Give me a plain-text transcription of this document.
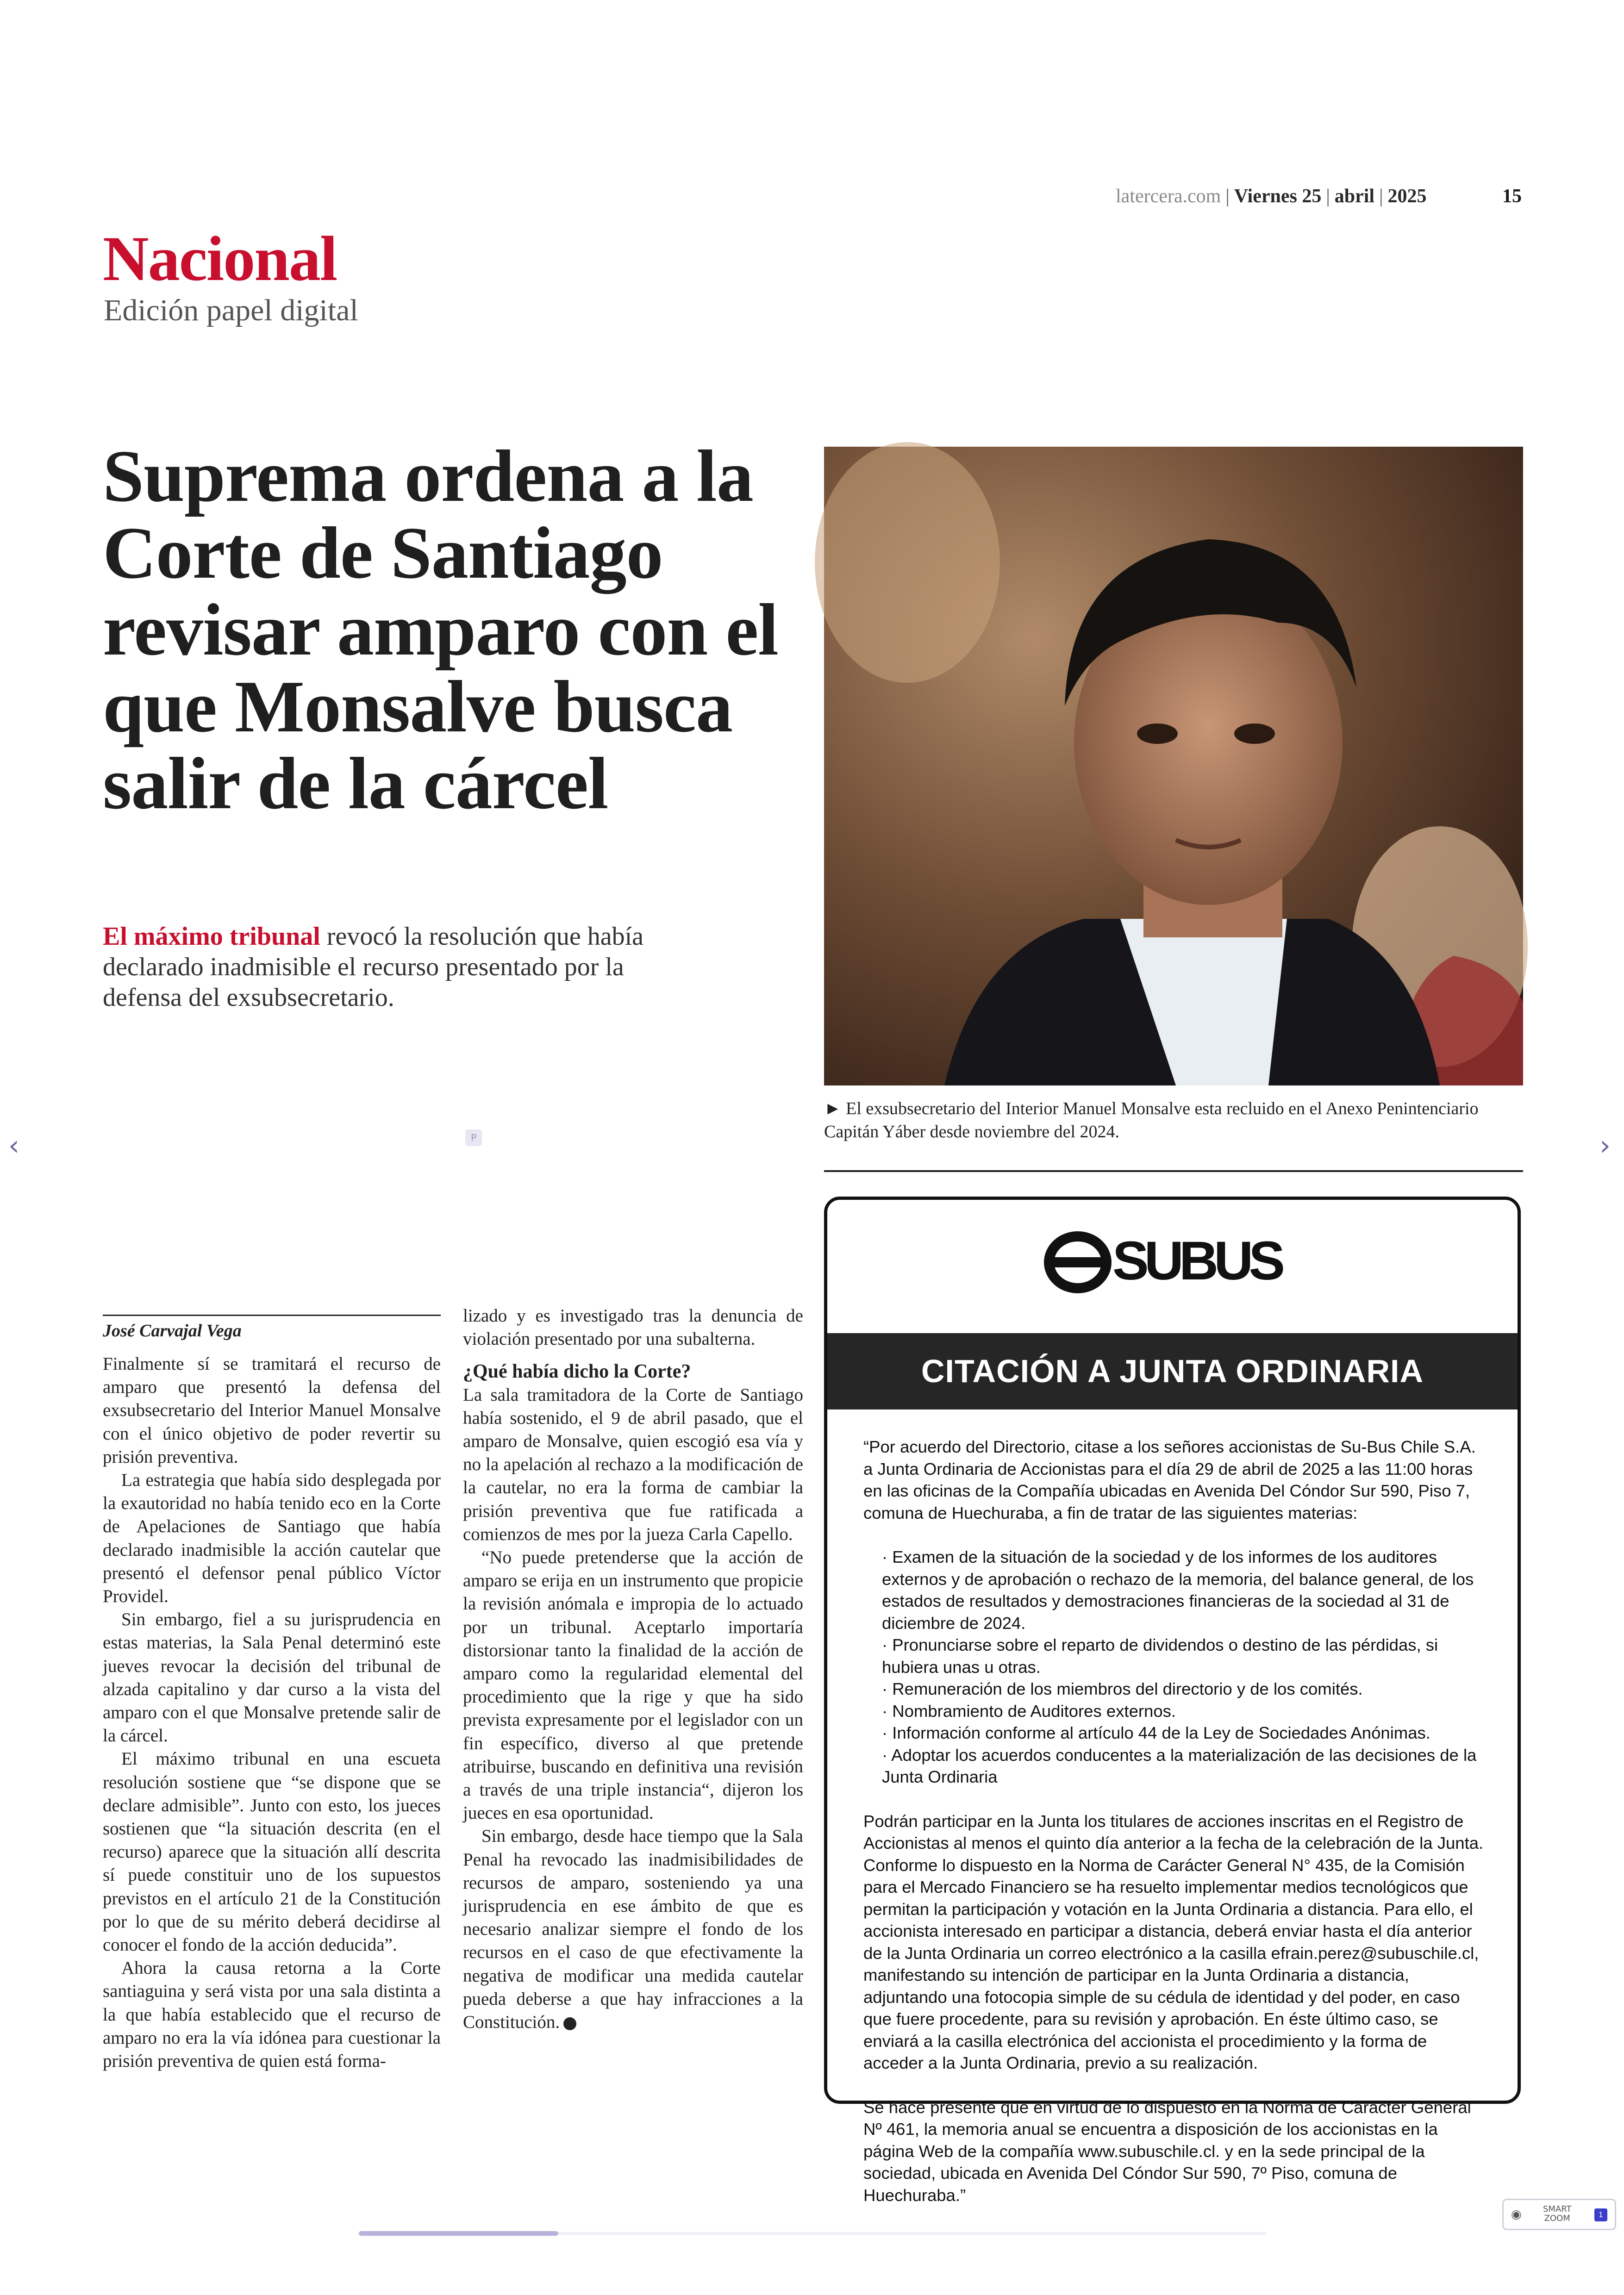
latercera.com | Viernes 25 | abril | 2025	15
Nacional
Edición papel digital
Suprema ordena a la Corte de Santiago revisar amparo con el que Monsalve busca salir de la cárcel
El máximo tribunal revocó la resolución que había declarado inadmisible el recurso presentado por la defensa del exsubsecretario.
► El exsubsecretario del Interior Manuel Monsalve esta recluido en el Anexo Penintenciario Capitán Yáber desde noviembre del 2024.
‹	›
P
José Carvajal Vega

Finalmente sí se tramitará el recurso de amparo que presentó la defensa del exsubsecretario del Interior Manuel Monsalve con el único objetivo de poder revertir su prisión preventiva.

La estrategia que había sido desplegada por la exautoridad no había tenido eco en la Corte de Apelaciones de Santiago que había declarado inadmisible la acción cautelar que presentó el defensor penal público Víctor Providel.

Sin embargo, fiel a su jurisprudencia en estas materias, la Sala Penal determinó este jueves revocar la decisión del tribunal de alzada capitalino y dar curso a la vista del amparo con el que Monsalve pretende salir de la cárcel.

El máximo tribunal en una escueta resolución sostiene que “se dispone que se declare admisible”. Junto con esto, los jueces sostienen que “la situación descrita (en el recurso) aparece que la situación allí descrita sí puede constituir uno de los supuestos previstos en el artículo 21 de la Constitución por lo que de su mérito deberá decidirse al conocer el fondo de la acción deducida”.

Ahora la causa retorna a la Corte santiaguina y será vista por una sala distinta a la que había establecido que el recurso de amparo no era la vía idónea para cuestionar la prisión preventiva de quien está forma-

lizado y es investigado tras la denuncia de violación presentado por una subalterna.

¿Qué había dicho la Corte?

La sala tramitadora de la Corte de Santiago había sostenido, el 9 de abril pasado, que el amparo de Monsalve, quien escogió esa vía y no la apelación al rechazo a la modificación de la cautelar, no era la forma de cambiar la prisión preventiva que fue ratificada a comienzos de mes por la jueza Carla Capello.

“No puede pretenderse que la acción de amparo se erija en un instrumento que propicie la revisión anómala e impropia de lo actuado por un tribunal. Aceptarlo importaría distorsionar tanto la finalidad de la acción de amparo como la regularidad elemental del procedimiento que la rige y que ha sido prevista expresamente por el legislador con un fin específico, diverso al que pretende atribuirse, buscando en definitiva una revisión a través de una triple instancia“, dijeron los jueces en esa oportunidad.

Sin embargo, desde hace tiempo que la Sala Penal ha revocado las inadmisibilidades de recursos de amparo, sosteniendo ya una jurisprudencia en ese ámbito de que es necesario analizar siempre el fondo de los recursos en el caso de que efectivamente la negativa de modificar una medida cautelar pueda deberse a que hay infracciones a la Constitución.

SUBUS
CITACIÓN A JUNTA ORDINARIA

“Por acuerdo del Directorio, citase a los señores accionistas de Su-Bus Chile S.A. a Junta Ordinaria de Accionistas para el día 29 de abril de 2025 a las 11:00 horas en las oficinas de la Compañía ubicadas en Avenida Del Cóndor Sur 590, Piso 7, comuna de Huechuraba, a fin de tratar de las siguientes materias:

· Examen de la situación de la sociedad y de los informes de los auditores externos y de aprobación o rechazo de la memoria, del balance general, de los estados de resultados y demostraciones financieras de la sociedad al 31 de diciembre de 2024.
· Pronunciarse sobre el reparto de dividendos o destino de las pérdidas, si hubiera unas u otras.
· Remuneración de los miembros del directorio y de los comités.
· Nombramiento de Auditores externos.
· Información conforme al artículo 44 de la Ley de Sociedades Anónimas.
· Adoptar los acuerdos conducentes a la materialización de las decisiones de la Junta Ordinaria

Podrán participar en la Junta los titulares de acciones inscritas en el Registro de Accionistas al menos el quinto día anterior a la fecha de la celebración de la Junta. Conforme lo dispuesto en la Norma de Carácter General N° 435, de la Comisión para el Mercado Financiero se ha resuelto implementar medios tecnológicos que permitan la participación y votación en la Junta Ordinaria a distancia. Para ello, el accionista interesado en participar a distancia, deberá enviar hasta el día anterior de la Junta Ordinaria un correo electrónico a la casilla efrain.perez@subuschile.cl, manifestando su intención de participar en la Junta Ordinaria a distancia, adjuntando una fotocopia simple de su cédula de identidad y del poder, en caso que fuere procedente, para su revisión y aprobación. En éste último caso, se enviará a la casilla electrónica del accionista el procedimiento y la forma de acceder a la Junta Ordinaria, previo a su realización.

Se hace presente que en virtud de lo dispuesto en la Norma de Carácter General Nº 461, la memoria anual se encuentra a disposición de los accionistas en la página Web de la compañía www.subuschile.cl. y en la sede principal de la sociedad, ubicada en Avenida Del Cóndor Sur 590, 7º Piso, comuna de Huechuraba.”

◉	SMART
ZOOM	1
